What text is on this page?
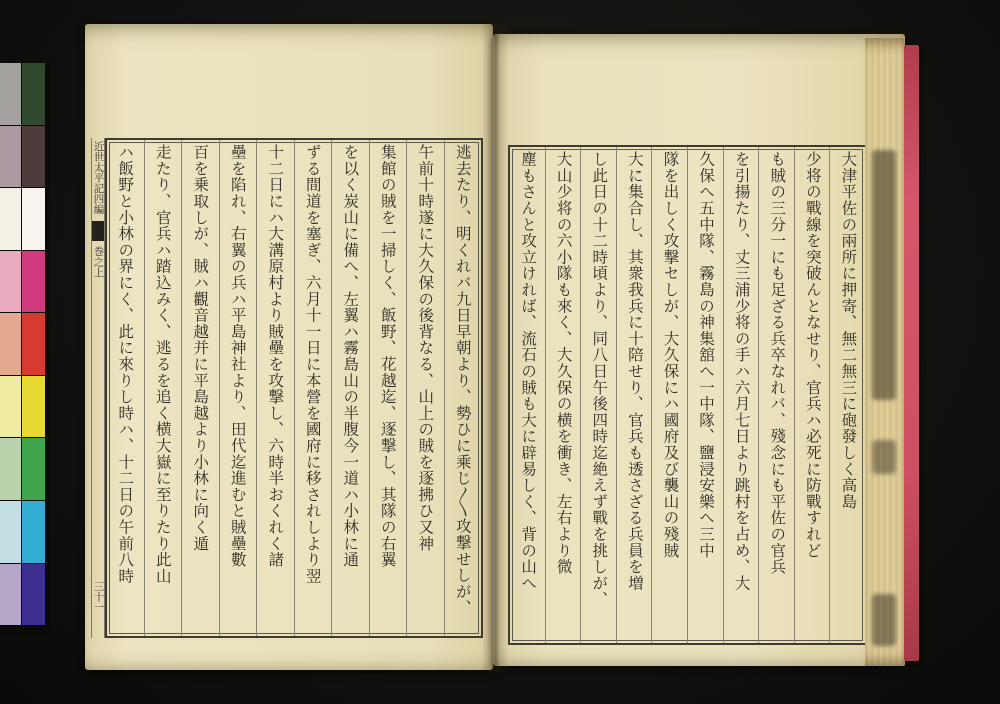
逃去たり、明くれバ九日早朝より、勢ひに乘じ〳〵攻撃せしが、
午前十時遂に大久保の後背なる、山上の賊を逐拂ひ又神
集館の賊を一掃しく、飯野、花越迄、逐撃し、其隊の右翼
を以く炭山に備へ、左翼ハ霧島山の半腹今一道ハ小林に通
ずる間道を塞ぎ、六月十一日に本營を國府に移されしより翌
十二日にハ大溝原村より賊壘を攻撃し、六時半おくれく諸
壘を陷れ、右翼の兵ハ平島神社より、田代迄進むと賊壘數
百を乗取しが、賊ハ觀音越并に平島越より小林に向く遁
走たり、官兵ハ踏込みく、逃るを追く横大嶽に至りたり此山
ハ飯野と小林の界にく、此に來りし時ハ、十二日の午前八時
近世太平記四編
巻之上
三十一
大津平佐の兩所に押寄、無二無三に砲發しく高島
少将の戰線を突破んとなせり、官兵ハ必死に防戰すれど
も賊の三分一にも足ざる兵卒なれバ、殘念にも平佐の官兵
を引揚たり、丈三浦少将の手ハ六月七日より跳村を占め、大
久保へ五中隊、霧島の神集舘へ一中隊、鹽浸安樂へ三中
隊を出しく攻撃セしが、大久保にハ國府及び襲山の殘賊
大に集合し、其衆我兵に十陪せり、官兵も透さざる兵員を増
し此日の十二時頃より、同八日午後四時迄絶えず戰を挑しが、
大山少将の六小隊も來く、大久保の横を衝き、左右より微
塵もさんと攻立ければ、流石の賊も大に辟易しく、背の山へ
